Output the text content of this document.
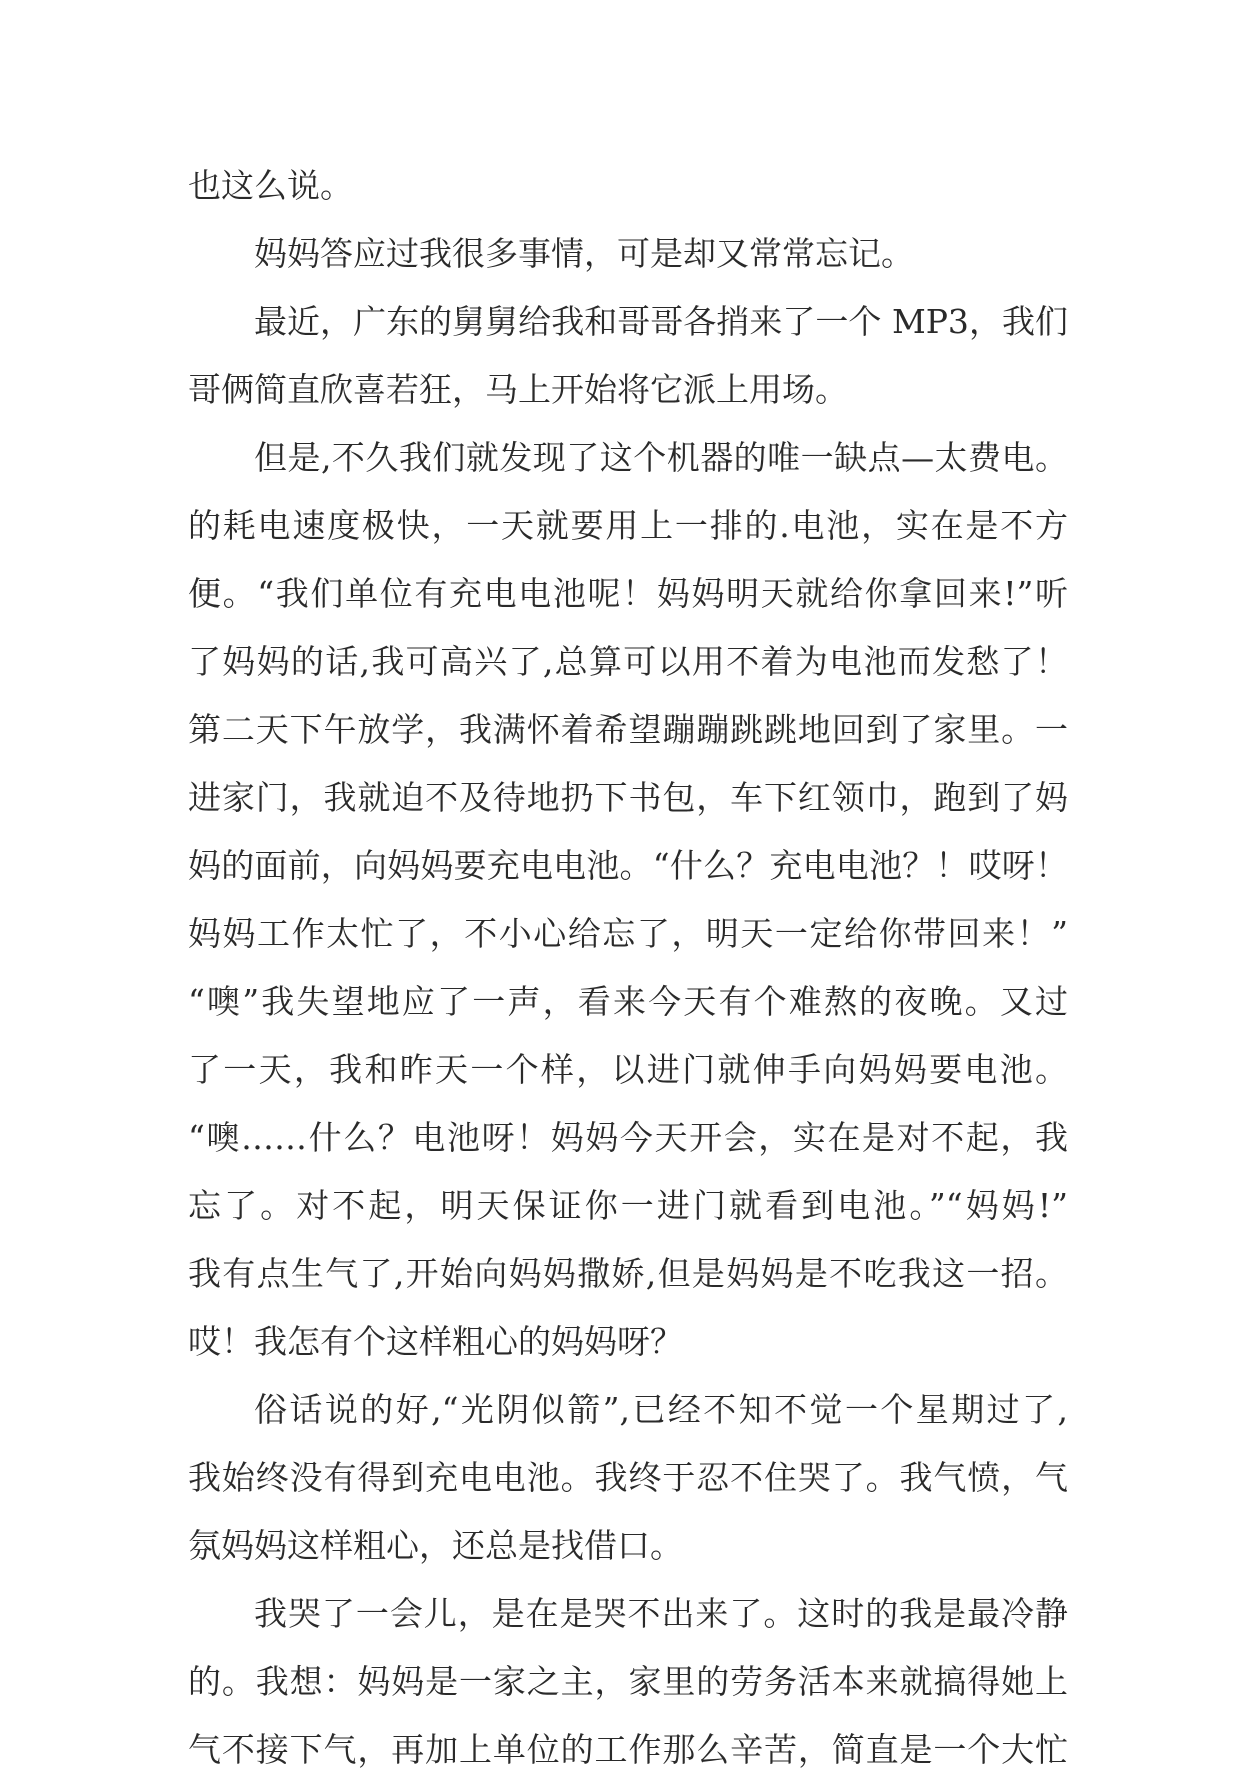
也这么说。
妈妈答应过我很多事情，可是却又常常忘记。
最近，广东的舅舅给我和哥哥各捎来了一个 MP3，我们
哥俩简直欣喜若狂，马上开始将它派上用场。
但是,不久我们就发现了这个机器的唯一缺点—太费电。
的耗电速度极快，一天就要用上一排的.电池，实在是不方
便。“我们单位有充电电池呢！妈妈明天就给你拿回来!”听
了妈妈的话,我可高兴了,总算可以用不着为电池而发愁了！
第二天下午放学，我满怀着希望蹦蹦跳跳地回到了家里。一
进家门，我就迫不及待地扔下书包，车下红领巾，跑到了妈
妈的面前，向妈妈要充电电池。“什么？充电电池？！哎呀！
妈妈工作太忙了，不小心给忘了，明天一定给你带回来！”
“噢”我失望地应了一声，看来今天有个难熬的夜晚。又过
了一天，我和昨天一个样，以进门就伸手向妈妈要电池。
“噢……什么？电池呀！妈妈今天开会，实在是对不起，我
忘了。对不起，明天保证你一进门就看到电池。”“妈妈!”
我有点生气了,开始向妈妈撒娇,但是妈妈是不吃我这一招。
哎！我怎有个这样粗心的妈妈呀？
俗话说的好,“光阴似箭”,已经不知不觉一个星期过了,
我始终没有得到充电电池。我终于忍不住哭了。我气愤，气
氛妈妈这样粗心，还总是找借口。
我哭了一会儿，是在是哭不出来了。这时的我是最冷静
的。我想：妈妈是一家之主，家里的劳务活本来就搞得她上
气不接下气，再加上单位的工作那么辛苦，简直是一个大忙
